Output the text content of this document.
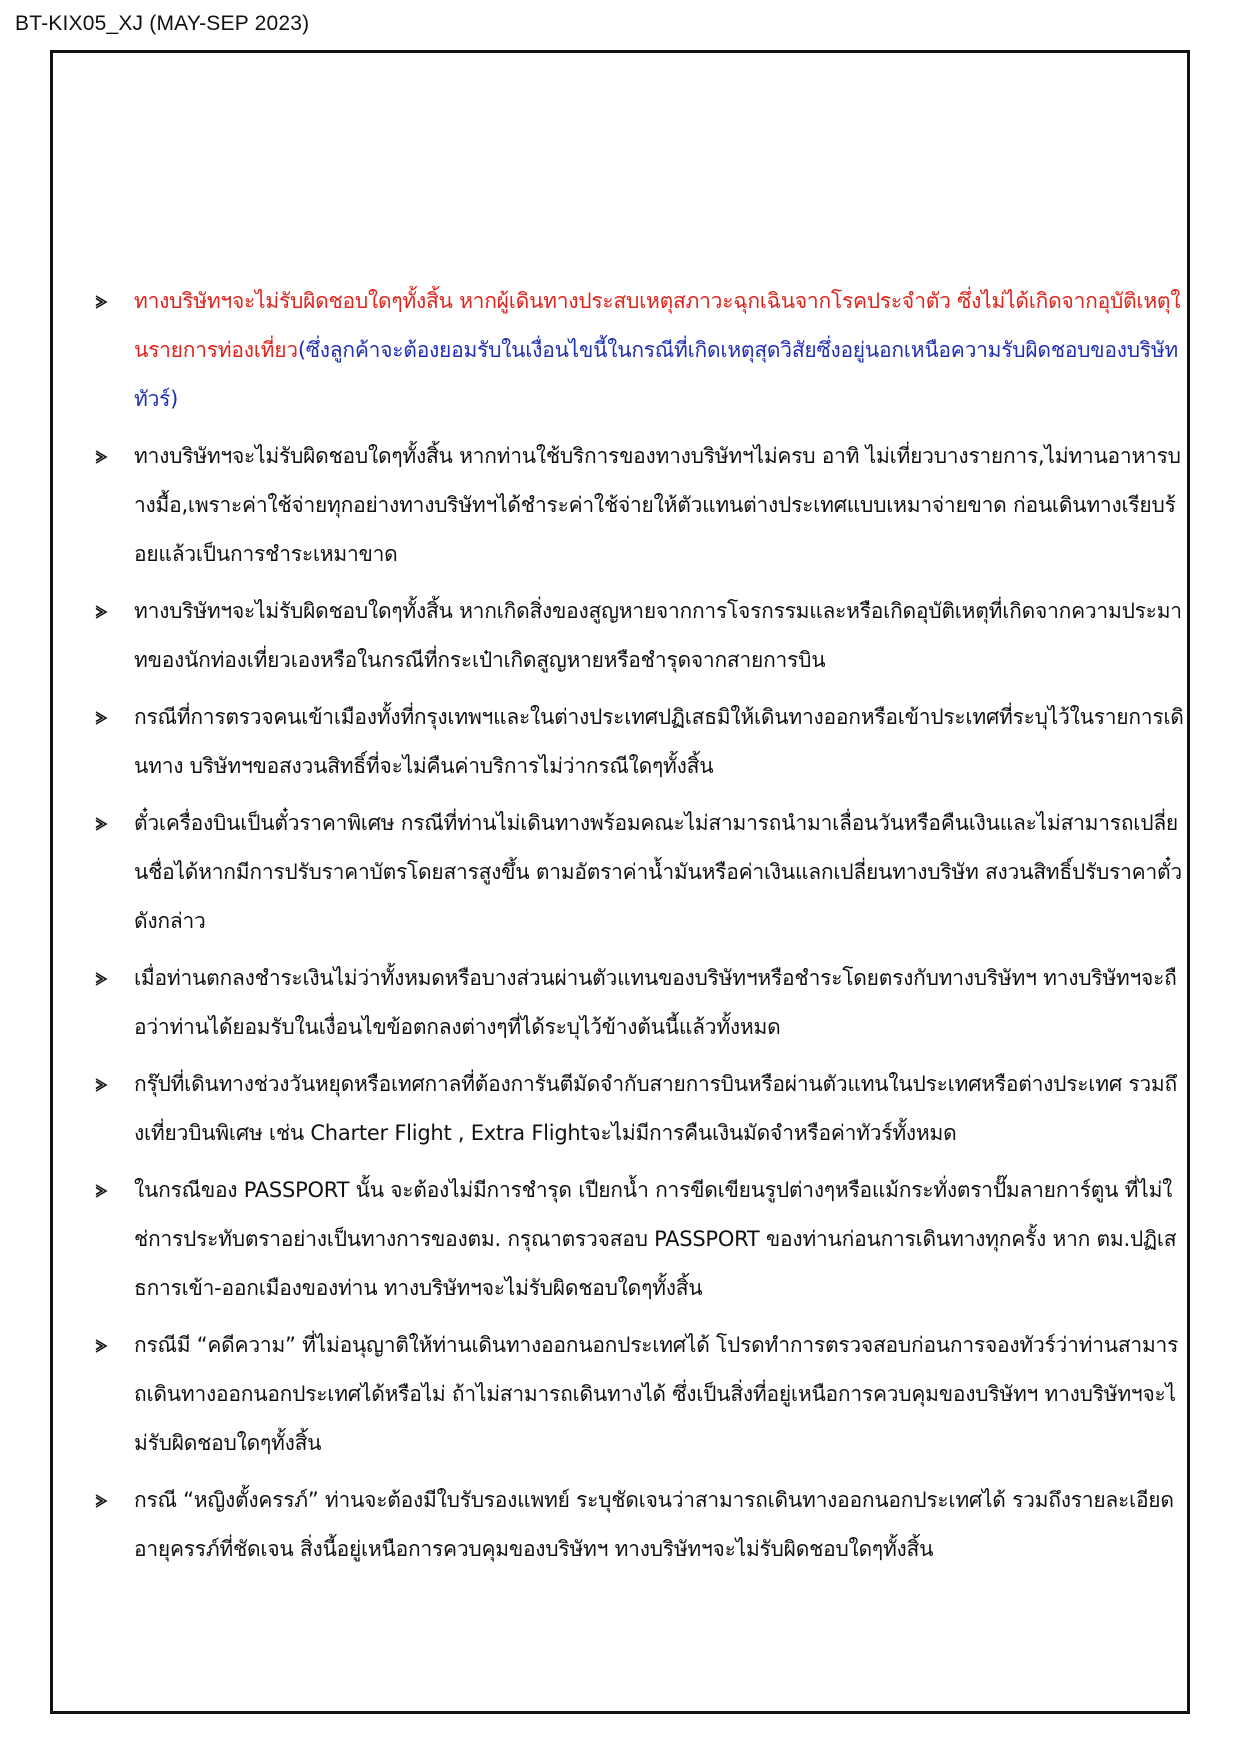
BT-KIX05_XJ (MAY-SEP 2023)
ทางบริษัทฯจะไม่รับผิดชอบใดๆทั้งสิ้น หากผู้เดินทางประสบเหตุสภาวะฉุกเฉินจากโรคประจำตัว ซึ่งไม่ได้เกิดจากอุบัติเหตุในรายการท่องเที่ยว(ซึ่งลูกค้าจะต้องยอมรับในเงื่อนไขนี้ในกรณีที่เกิดเหตุสุดวิสัยซึ่งอยู่นอกเหนือความรับผิดชอบของบริษัททัวร์)
ทางบริษัทฯจะไม่รับผิดชอบใดๆทั้งสิ้น หากท่านใช้บริการของทางบริษัทฯไม่ครบ อาทิ ไม่เที่ยวบางรายการ,ไม่ทานอาหารบางมื้อ,เพราะค่าใช้จ่ายทุกอย่างทางบริษัทฯได้ชำระค่าใช้จ่ายให้ตัวแทนต่างประเทศแบบเหมาจ่ายขาด ก่อนเดินทางเรียบร้อยแล้วเป็นการชำระเหมาขาด
ทางบริษัทฯจะไม่รับผิดชอบใดๆทั้งสิ้น หากเกิดสิ่งของสูญหายจากการโจรกรรมและหรือเกิดอุบัติเหตุที่เกิดจากความประมาทของนักท่องเที่ยวเองหรือในกรณีที่กระเป๋าเกิดสูญหายหรือชำรุดจากสายการบิน
กรณีที่การตรวจคนเข้าเมืองทั้งที่กรุงเทพฯและในต่างประเทศปฏิเสธมิให้เดินทางออกหรือเข้าประเทศที่ระบุไว้ในรายการเดินทาง บริษัทฯขอสงวนสิทธิ์ที่จะไม่คืนค่าบริการไม่ว่ากรณีใดๆทั้งสิ้น
ตั๋วเครื่องบินเป็นตั๋วราคาพิเศษ กรณีที่ท่านไม่เดินทางพร้อมคณะไม่สามารถนำมาเลื่อนวันหรือคืนเงินและไม่สามารถเปลี่ยนชื่อได้หากมีการปรับราคาบัตรโดยสารสูงขึ้น ตามอัตราค่าน้ำมันหรือค่าเงินแลกเปลี่ยนทางบริษัท สงวนสิทธิ์ปรับราคาตั๋วดังกล่าว
เมื่อท่านตกลงชำระเงินไม่ว่าทั้งหมดหรือบางส่วนผ่านตัวแทนของบริษัทฯหรือชำระโดยตรงกับทางบริษัทฯ ทางบริษัทฯจะถือว่าท่านได้ยอมรับในเงื่อนไขข้อตกลงต่างๆที่ได้ระบุไว้ข้างต้นนี้แล้วทั้งหมด
กรุ๊ปที่เดินทางช่วงวันหยุดหรือเทศกาลที่ต้องการันตีมัดจำกับสายการบินหรือผ่านตัวแทนในประเทศหรือต่างประเทศ รวมถึงเที่ยวบินพิเศษ เช่น Charter Flight , Extra Flightจะไม่มีการคืนเงินมัดจำหรือค่าทัวร์ทั้งหมด
ในกรณีของ PASSPORT นั้น จะต้องไม่มีการชำรุด เปียกน้ำ การขีดเขียนรูปต่างๆหรือแม้กระทั่งตราปั๊มลายการ์ตูน ที่ไม่ใช่การประทับตราอย่างเป็นทางการของตม. กรุณาตรวจสอบ PASSPORT ของท่านก่อนการเดินทางทุกครั้ง หาก ตม.ปฏิเสธการเข้า-ออกเมืองของท่าน ทางบริษัทฯจะไม่รับผิดชอบใดๆทั้งสิ้น
กรณีมี “คดีความ” ที่ไม่อนุญาติให้ท่านเดินทางออกนอกประเทศได้ โปรดทำการตรวจสอบก่อนการจองทัวร์ว่าท่านสามารถเดินทางออกนอกประเทศได้หรือไม่ ถ้าไม่สามารถเดินทางได้ ซึ่งเป็นสิ่งที่อยู่เหนือการควบคุมของบริษัทฯ ทางบริษัทฯจะไม่รับผิดชอบใดๆทั้งสิ้น
กรณี “หญิงตั้งครรภ์” ท่านจะต้องมีใบรับรองแพทย์ ระบุชัดเจนว่าสามารถเดินทางออกนอกประเทศได้ รวมถึงรายละเอียดอายุครรภ์ที่ชัดเจน สิ่งนี้อยู่เหนือการควบคุมของบริษัทฯ ทางบริษัทฯจะไม่รับผิดชอบใดๆทั้งสิ้น
